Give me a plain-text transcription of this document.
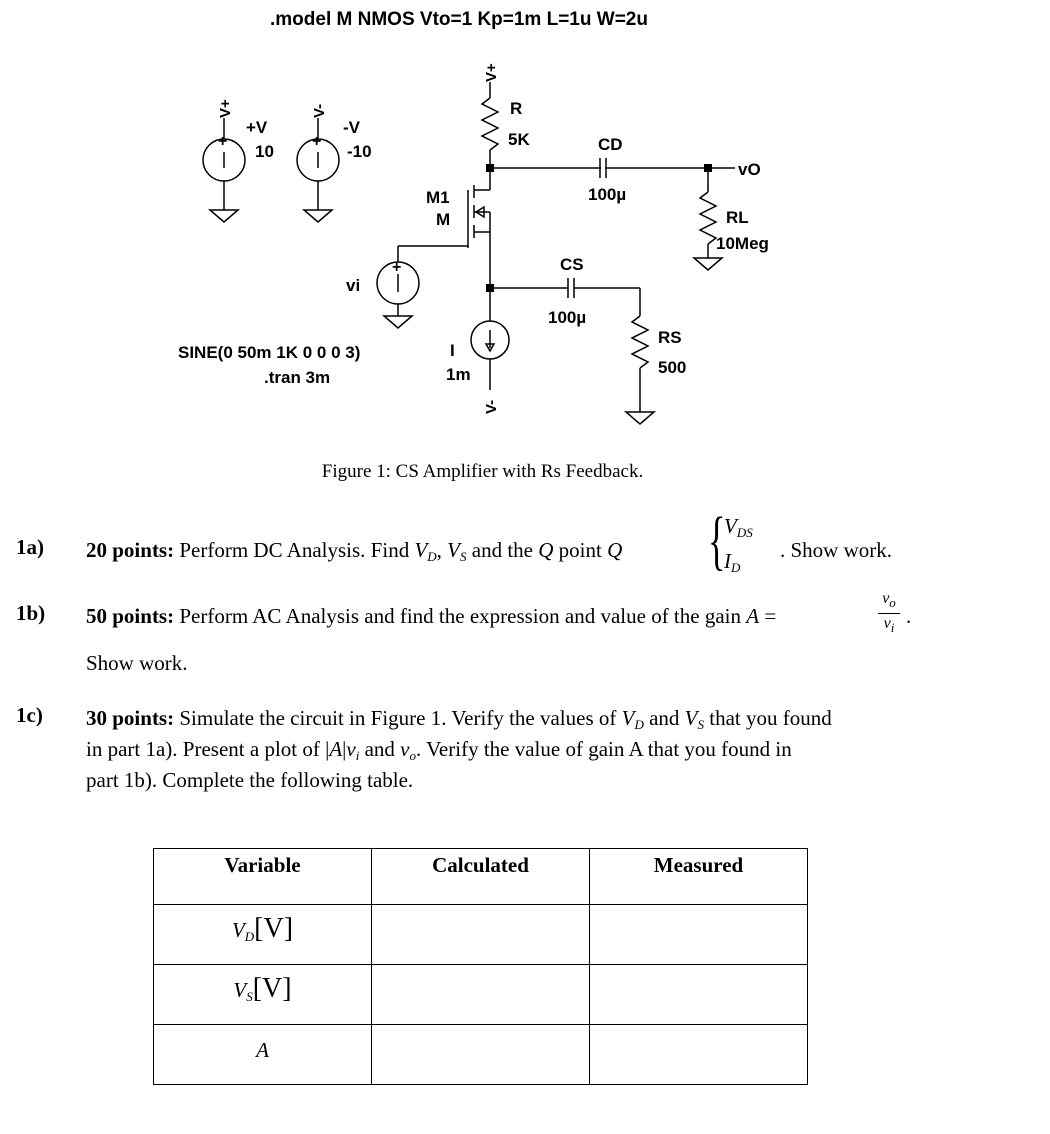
+	+
+
.model M NMOS Vto=1 Kp=1m L=1u W=2u
+V
10
-V
-10
V+	V-
vi
SINE(0 50m 1K 0 0 0 3)
.tran 3m
M1
M
V+
R
5K	CD
100µ
vO
RL
10Meg
CS
100µ
RS
500
I
1m
V-
Figure 1: CS Amplifier with Rs Feedback.
1a) 20 points: Perform DC Analysis. Find $V_D$, $V_S$ and the Q point Q {
$V_{DS}$
$I_D$
. Show work.
1b) 50 points: Perform AC Analysis and find the expression and value of the gain A =
$v_o$
$v_i$ .
Show work.
1c) 30 points: Simulate the circuit in Figure 1. Verify the values of $V_D$ and $V_S$ that you found
in part 1a). Present a plot of $|A|v_i$ and $v_o$. Verify the value of gain A that you found in
part 1b). Complete the following table.
Variable	Calculated	Measured
$V_D[V]$		
$V_S[V]$		
A		
